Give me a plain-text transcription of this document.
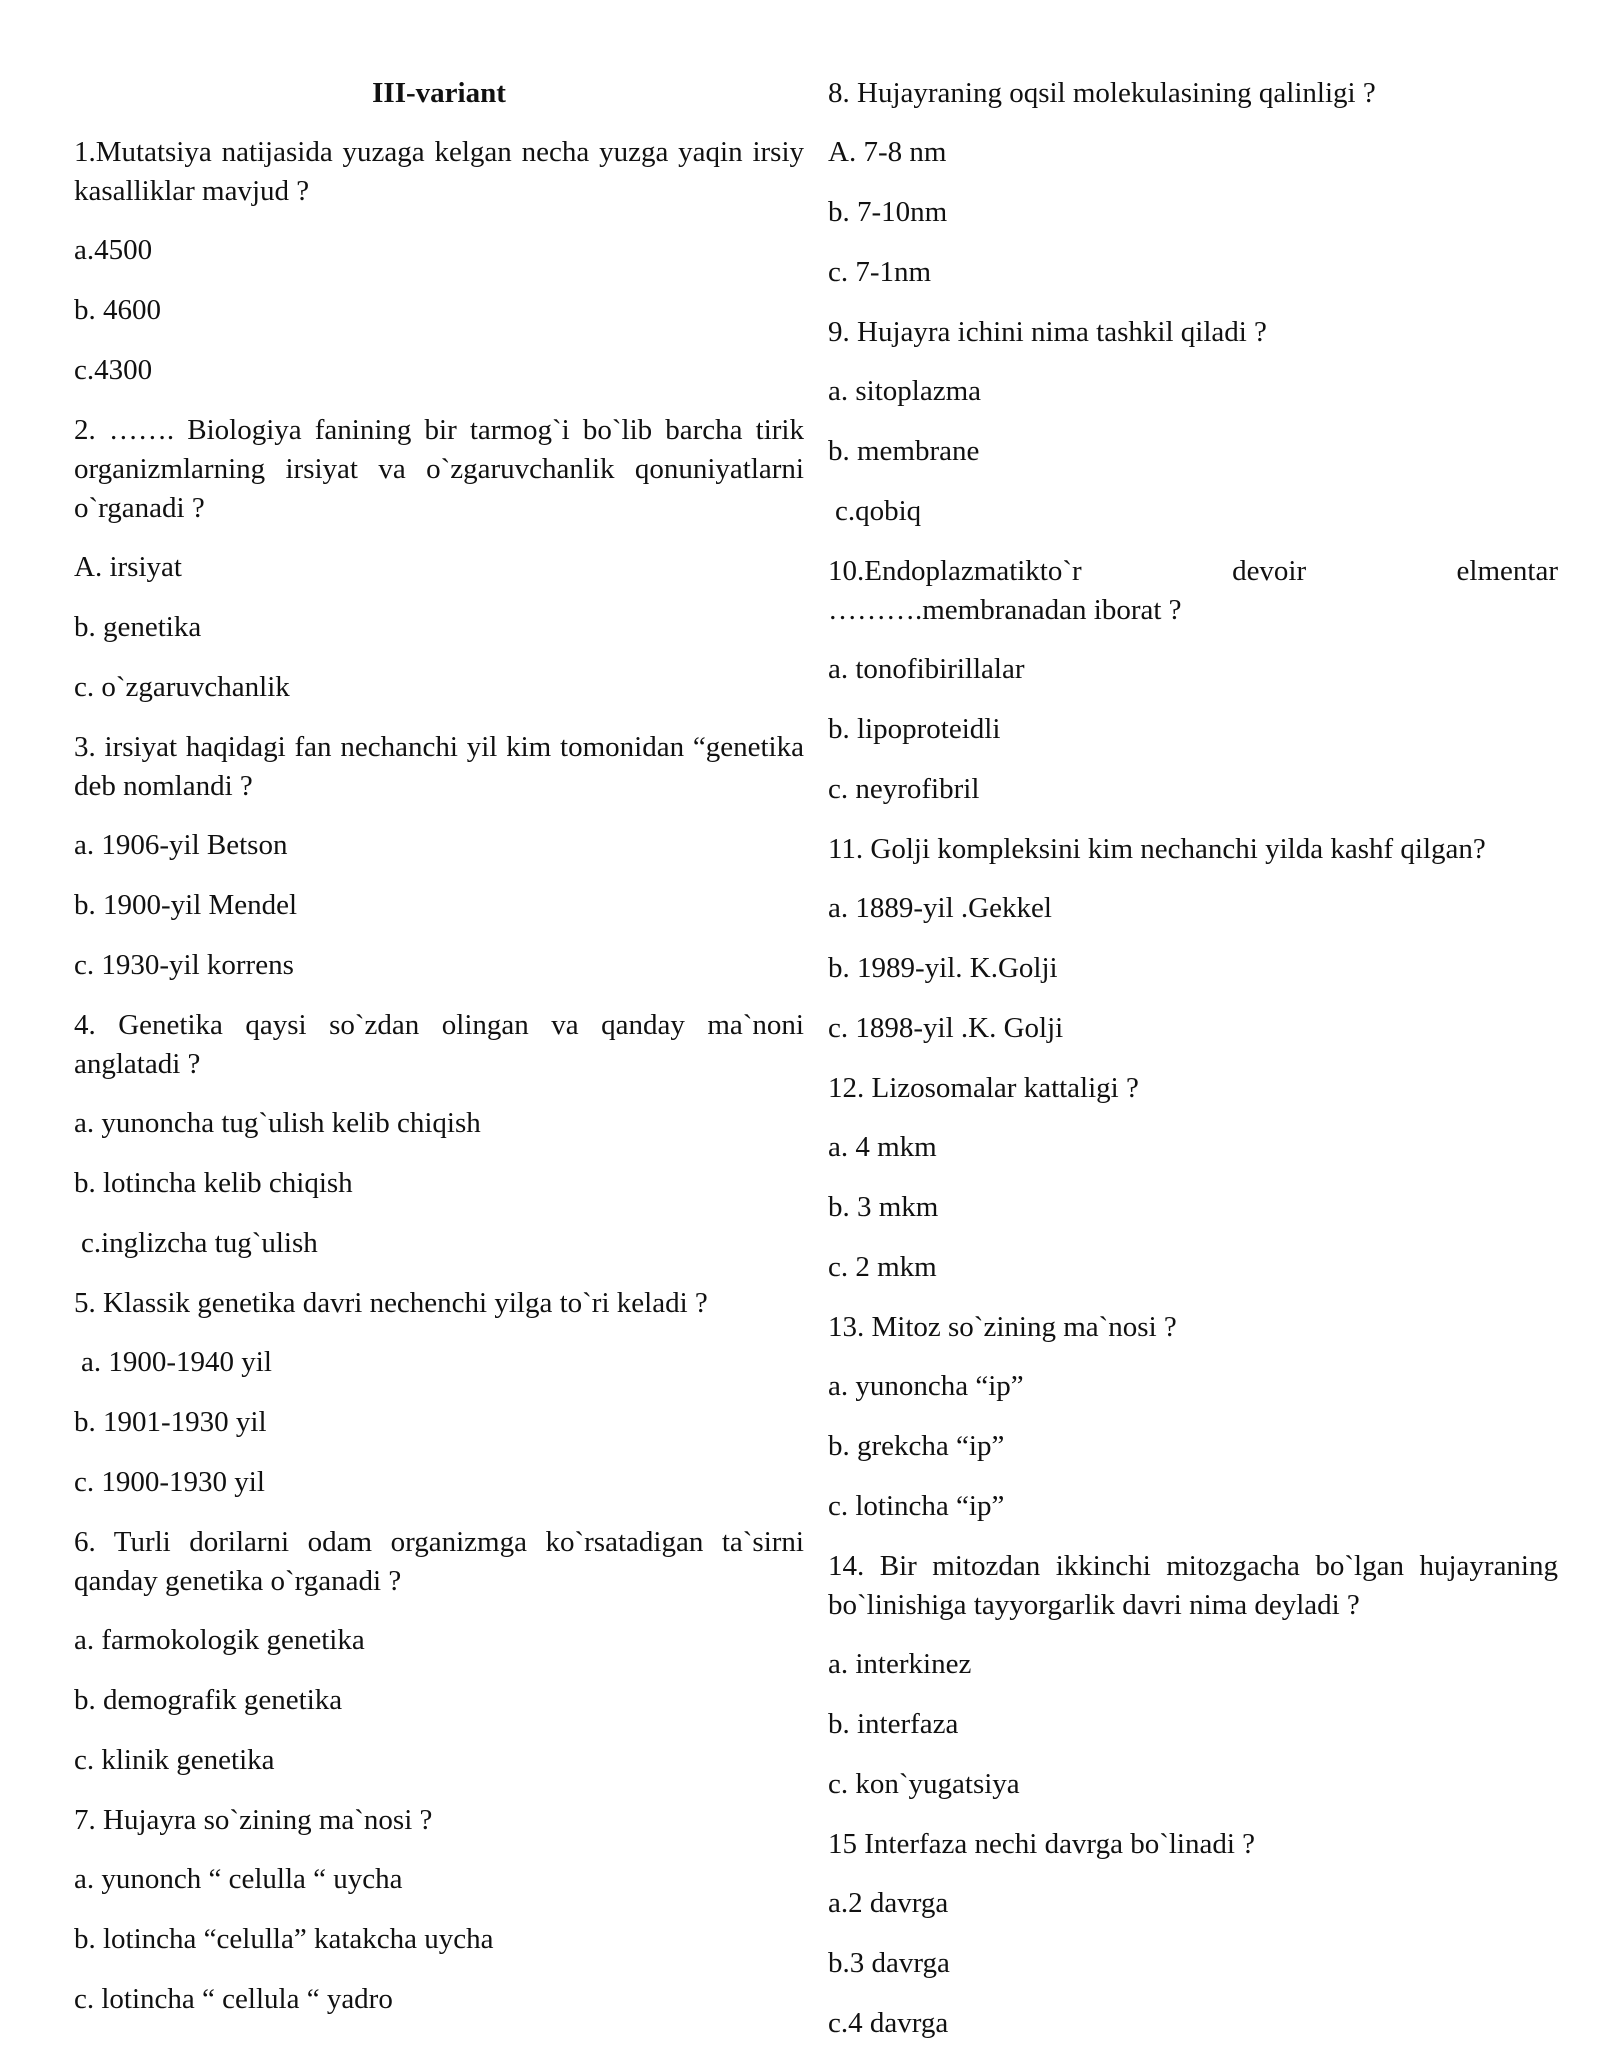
III-variant
1.Mutatsiya natijasida yuzaga kelgan necha yuzga yaqin irsiy kasalliklar mavjud ?
a.4500
b. 4600
c.4300
2. ……. Biologiya fanining bir tarmog`i bo`lib barcha tirik organizmlarning irsiyat va o`zgaruvchanlik qonuniyatlarni o`rganadi ?
A. irsiyat
b. genetika
c. o`zgaruvchanlik
3. irsiyat haqidagi fan nechanchi yil kim tomonidan “genetika deb nomlandi ?
a. 1906-yil Betson
b. 1900-yil Mendel
c. 1930-yil korrens
4. Genetika qaysi so`zdan olingan va qanday ma`noni anglatadi ?
a. yunoncha tug`ulish kelib chiqish
b. lotincha kelib chiqish
c.inglizcha tug`ulish
5. Klassik genetika davri nechenchi yilga to`ri keladi ?
a. 1900-1940 yil
b. 1901-1930 yil
c. 1900-1930 yil
6. Turli dorilarni odam organizmga ko`rsatadigan ta`sirni qanday genetika o`rganadi ?
a. farmokologik genetika
b. demografik genetika
c. klinik genetika
7. Hujayra so`zining ma`nosi ?
a. yunonch “ celulla “ uycha
b. lotincha “celulla” katakcha uycha
c. lotincha “ cellula “ yadro
8. Hujayraning oqsil molekulasining qalinligi ?
A. 7-8 nm
b. 7-10nm
c. 7-1nm
9. Hujayra ichini nima tashkil qiladi ?
a. sitoplazma
b. membrane
c.qobiq
10.Endoplazmatikto`r	devoir	elmentar
……….membranadan iborat ?
a. tonofibirillalar
b. lipoproteidli
c. neyrofibril
11. Golji kompleksini kim nechanchi yilda kashf qilgan?
a. 1889-yil .Gekkel
b. 1989-yil. K.Golji
c. 1898-yil .K. Golji
12. Lizosomalar kattaligi ?
a. 4 mkm
b. 3 mkm
c. 2 mkm
13. Mitoz so`zining ma`nosi ?
a. yunoncha “ip”
b. grekcha “ip”
c. lotincha “ip”
14. Bir mitozdan ikkinchi mitozgacha bo`lgan hujayraning bo`linishiga tayyorgarlik davri nima deyladi ?
a. interkinez
b. interfaza
c. kon`yugatsiya
15 Interfaza nechi davrga bo`linadi ?
a.2 davrga
b.3 davrga
c.4 davrga
